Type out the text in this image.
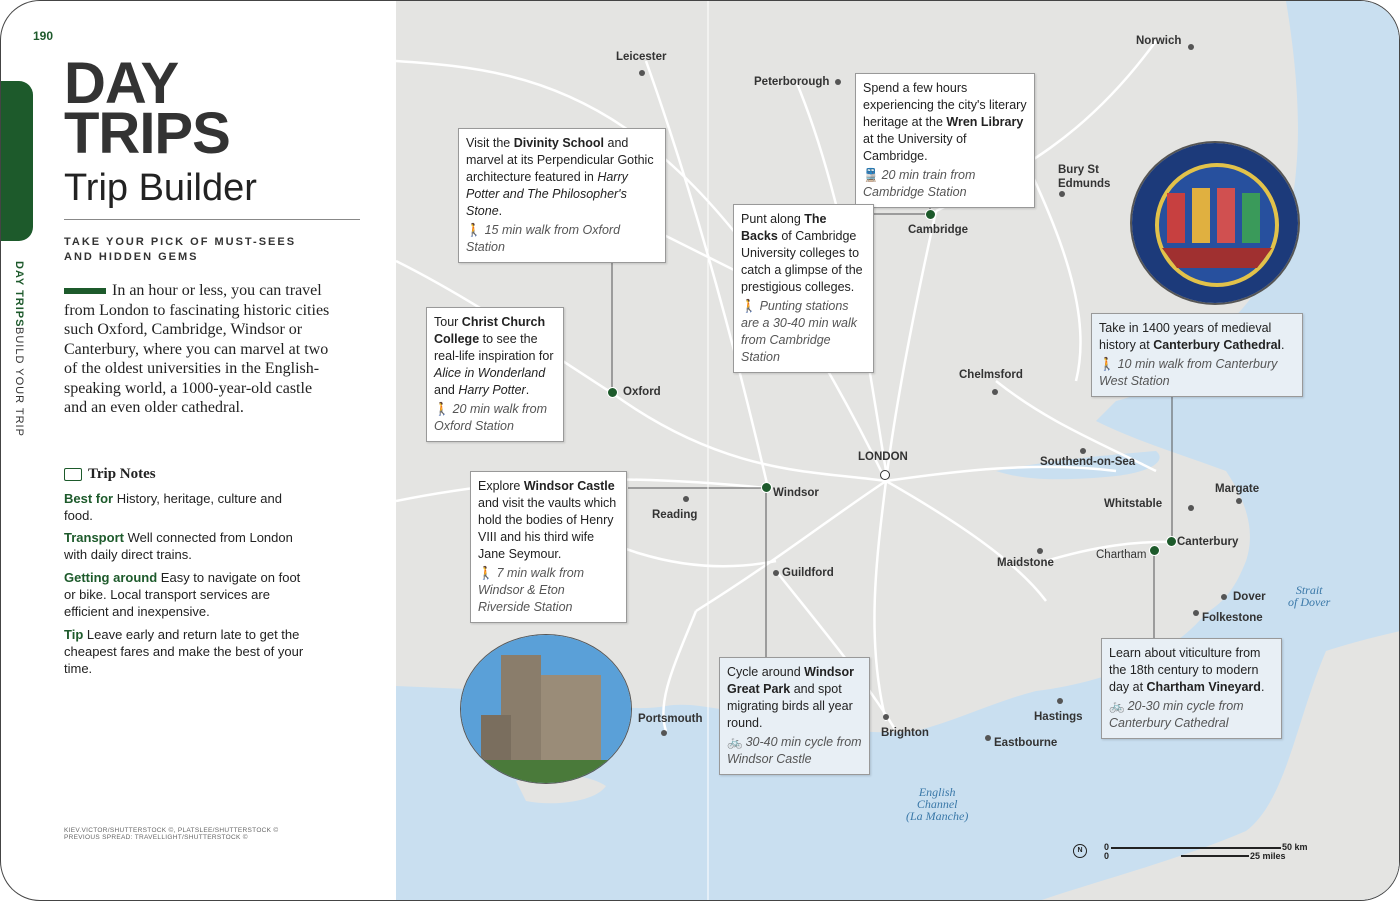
190
DAY TRIPSBUILD YOUR TRIP
DAY
TRIPS
Trip Builder
TAKE YOUR PICK OF MUST-SEES AND HIDDEN GEMS
In an hour or less, you can travel from London to fascinating historic cities such Oxford, Cambridge, Windsor or Canterbury, where you can marvel at two of the oldest universities in the English-speaking world, a 1000-year-old castle and an even older cathedral.
Trip Notes
Best for History, heritage, culture and food.
Transport Well connected from London with daily direct trains.
Getting around Easy to navigate on foot or bike. Local transport services are efficient and inexpensive.
Tip Leave early and return late to get the cheapest fares and make the best of your time.
KIEV.VICTOR/SHUTTERSTOCK ©, PLATSLEE/SHUTTERSTOCK © PREVIOUS SPREAD: TRAVELLIGHT/SHUTTERSTOCK ©
Leicester
Peterborough
Norwich
Bury St
Edmunds
Cambridge
Oxford
Chelmsford
LONDON	Southend-on-Sea
Windsor
Reading
Whitstable
Margate
Chartham
Canterbury
Maidstone
Guildford
Dover
Folkestone
Portsmouth
Brighton
Hastings
Eastbourne
Strait
of Dover
English
Channel
(La Manche)
Visit the Divinity School and marvel at its Perpendicular Gothic architecture featured in Harry Potter and The Philosopher's Stone.
🚶 15 min walk from Oxford Station
Tour Christ Church College to see the real-life inspiration for Alice in Wonderland and Harry Potter.
🚶 20 min walk from Oxford Station
Explore Windsor Castle and visit the vaults which hold the bodies of Henry VIII and his third wife Jane Seymour.
🚶 7 min walk from Windsor & Eton Riverside Station
Spend a few hours experiencing the city's literary heritage at the Wren Library at the University of Cambridge.
🚆 20 min train from Cambridge Station
Punt along The Backs of Cambridge University colleges to catch a glimpse of the prestigious colleges.
🚶 Punting stations are a 30-40 min walk from Cambridge Station
Take in 1400 years of medieval history at Canterbury Cathedral.
🚶 10 min walk from Canterbury West Station
Cycle around Windsor Great Park and spot migrating birds all year round.
🚲 30-40 min cycle from Windsor Castle
Learn about viticulture from the 18th century to modern day at Chartham Vineyard.
🚲 20-30 min cycle from Canterbury Cathedral
N	0
0
50 km
25 miles
